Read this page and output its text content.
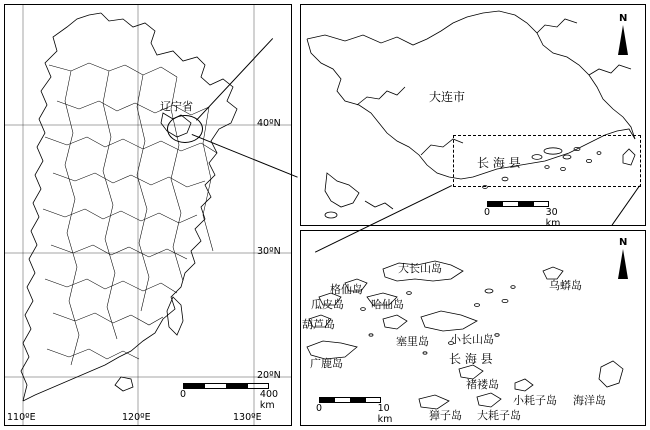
辽宁省
40ºN
30ºN
20ºN
110ºE	120ºE	130ºE
0	400 km
大连市
长 海 县
N
0	30 km
长 海 县
N
0	10 km
大长山岛
格仙岛	乌蟒岛
瓜皮岛 哈仙岛
葫芦岛
塞里岛 小长山岛
广鹿岛
褚褛岛
小耗子岛 海洋岛
獐子岛 大耗子岛
